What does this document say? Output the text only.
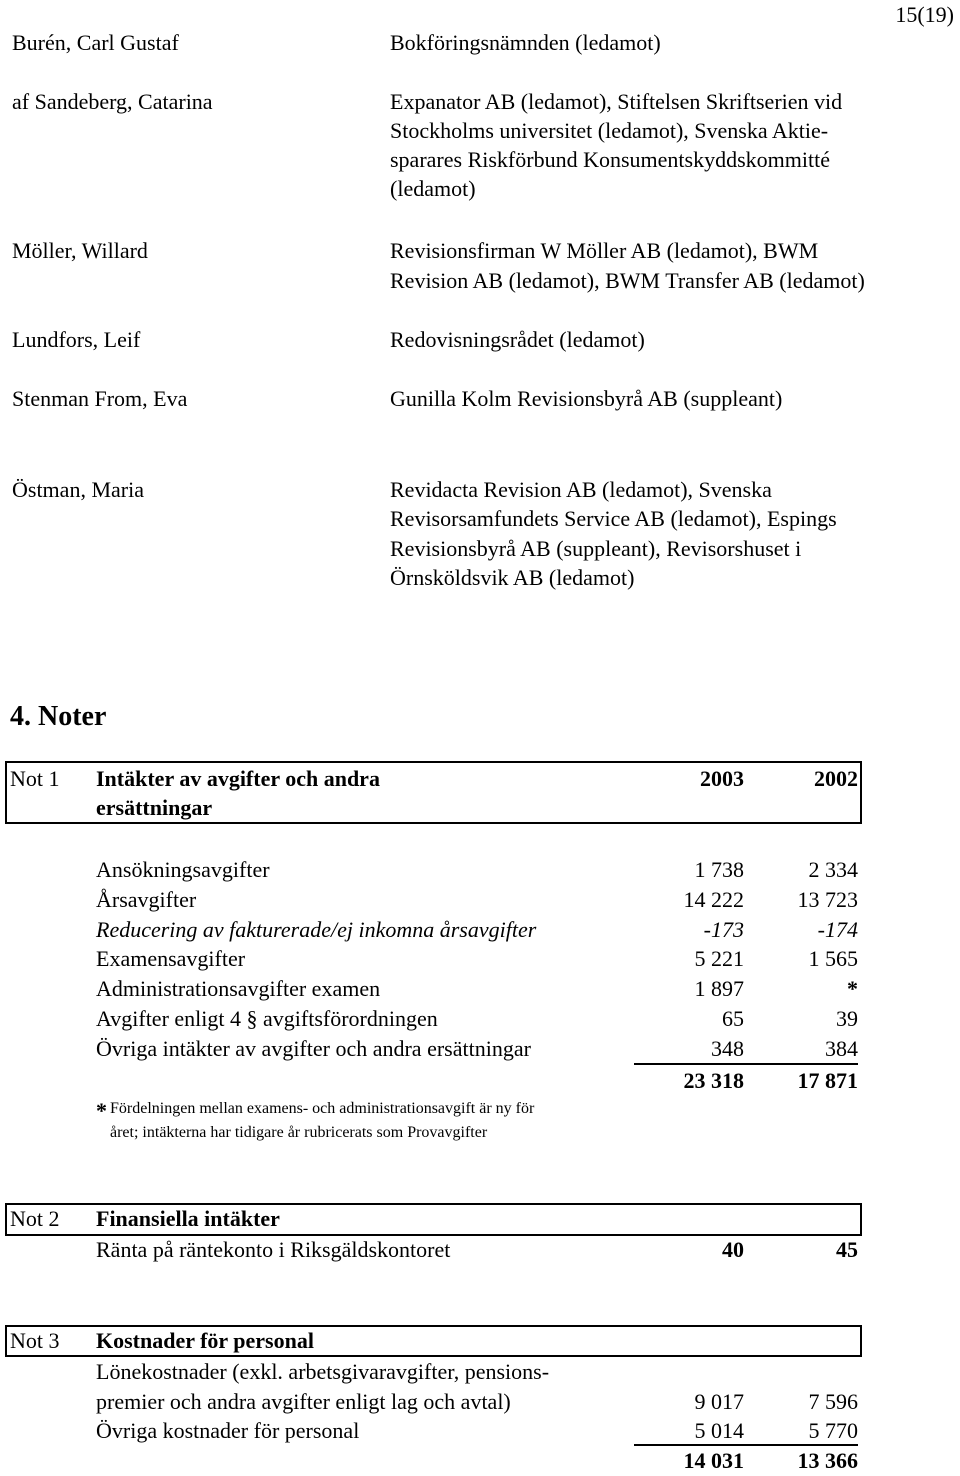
15(19)
Burén, Carl Gustaf	Bokföringsnämnden (ledamot)
af Sandeberg, Catarina	Expanator AB (ledamot), Stiftelsen Skriftserien vid
Stockholms universitet (ledamot), Svenska Aktie-
sparares Riskförbund Konsumentskyddskommitté
(ledamot)
Möller, Willard	Revisionsfirman W Möller AB (ledamot), BWM
Revision AB (ledamot), BWM Transfer AB (ledamot)
Lundfors, Leif	Redovisningsrådet (ledamot)
Stenman From, Eva	Gunilla Kolm Revisionsbyrå AB (suppleant)
Östman, Maria	Revidacta Revision AB (ledamot), Svenska
Revisorsamfundets Service AB (ledamot), Espings
Revisionsbyrå AB (suppleant), Revisorshuset i
Örnsköldsvik AB (ledamot)
4. Noter
Not 1 Intäkter av avgifter och andra
ersättningar
2003	2002
Ansökningsavgifter	1 738	2 334
Årsavgifter	14 222	13 723
Reducering av fakturerade/ej inkomna årsavgifter	-173	-174
Examensavgifter	5 221	1 565
Administrationsavgifter examen	1 897	*
Avgifter enligt 4 § avgiftsförordningen	65	39
Övriga intäkter av avgifter och andra ersättningar	348	384
23 318	17 871
* Fördelningen mellan examens- och administrationsavgift är ny för
året; intäkterna har tidigare år rubricerats som Provavgifter
Not 2 Finansiella intäkter
Ränta på räntekonto i Riksgäldskontoret	40	45
Not 3 Kostnader för personal
Lönekostnader (exkl. arbetsgivaravgifter, pensions-
premier och andra avgifter enligt lag och avtal)	9 017	7 596
Övriga kostnader för personal	5 014	5 770
14 031	13 366
